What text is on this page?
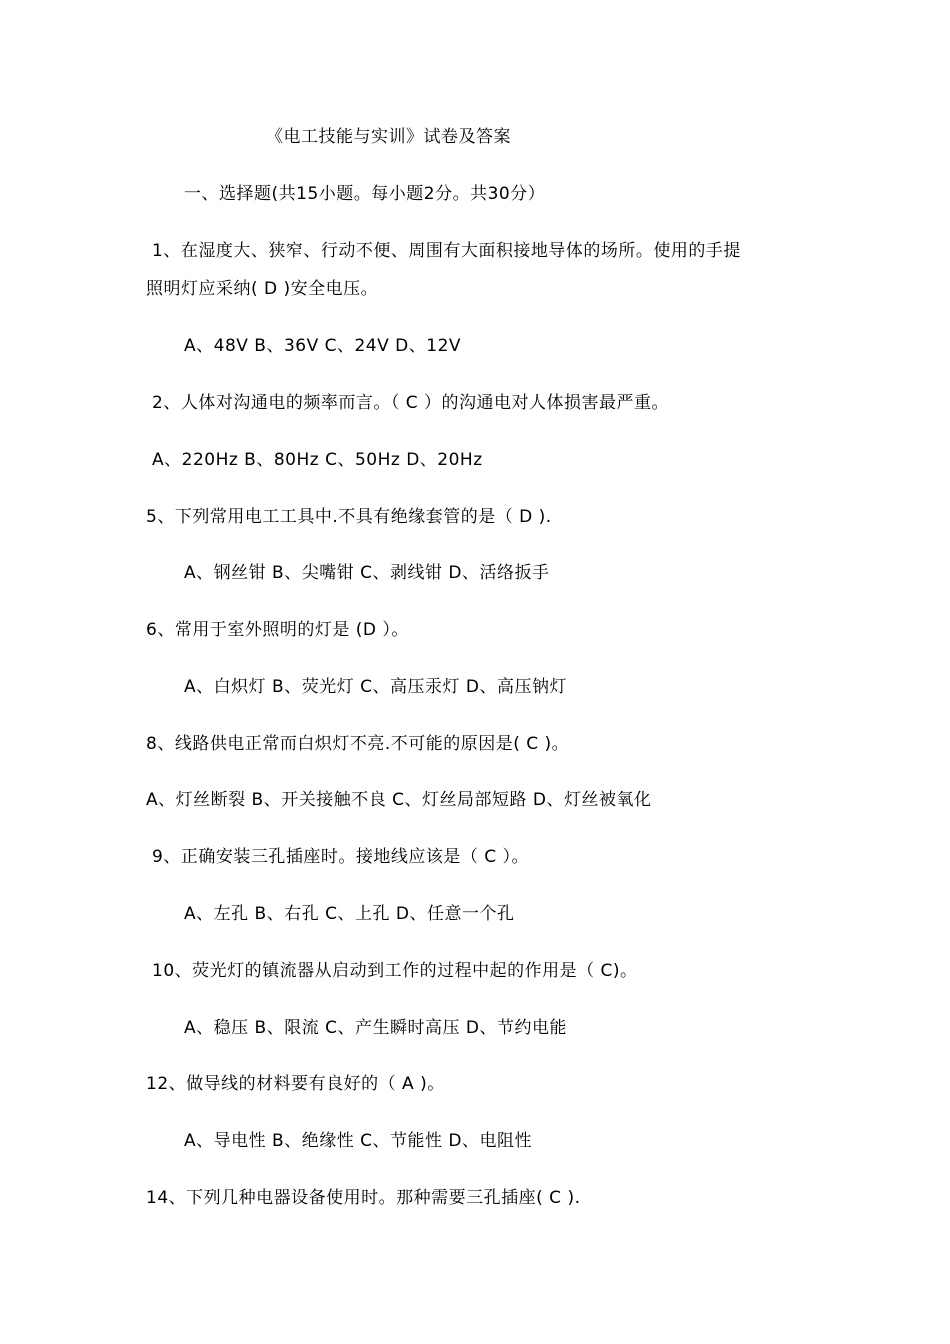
《电工技能与实训》试卷及答案
一、选择题(共15小题。每小题2分。共30分）
1、在湿度大、狭窄、行动不便、周围有大面积接地导体的场所。使用的手提
照明灯应采纳( D )安全电压。
A、48V B、36V C、24V D、12V
2、人体对沟通电的频率而言。（ C ）的沟通电对人体损害最严重。
A、220Hz B、80Hz C、50Hz D、20Hz
5、下列常用电工工具中.不具有绝缘套管的是（ D ).
A、钢丝钳 B、尖嘴钳 C、剥线钳 D、活络扳手
6、常用于室外照明的灯是 (D ）。
A、白炽灯 B、荧光灯 C、高压汞灯 D、高压钠灯
8、线路供电正常而白炽灯不亮.不可能的原因是( C )。
A、灯丝断裂 B、开关接触不良 C、灯丝局部短路 D、灯丝被氧化
9、正确安装三孔插座时。接地线应该是（ C ）。
A、左孔 B、右孔 C、上孔 D、任意一个孔
10、荧光灯的镇流器从启动到工作的过程中起的作用是（ C)。
A、稳压 B、限流 C、产生瞬时高压 D、节约电能
12、做导线的材料要有良好的（ A )。
A、导电性 B、绝缘性 C、节能性 D、电阻性
14、下列几种电器设备使用时。那种需要三孔插座( C ).
